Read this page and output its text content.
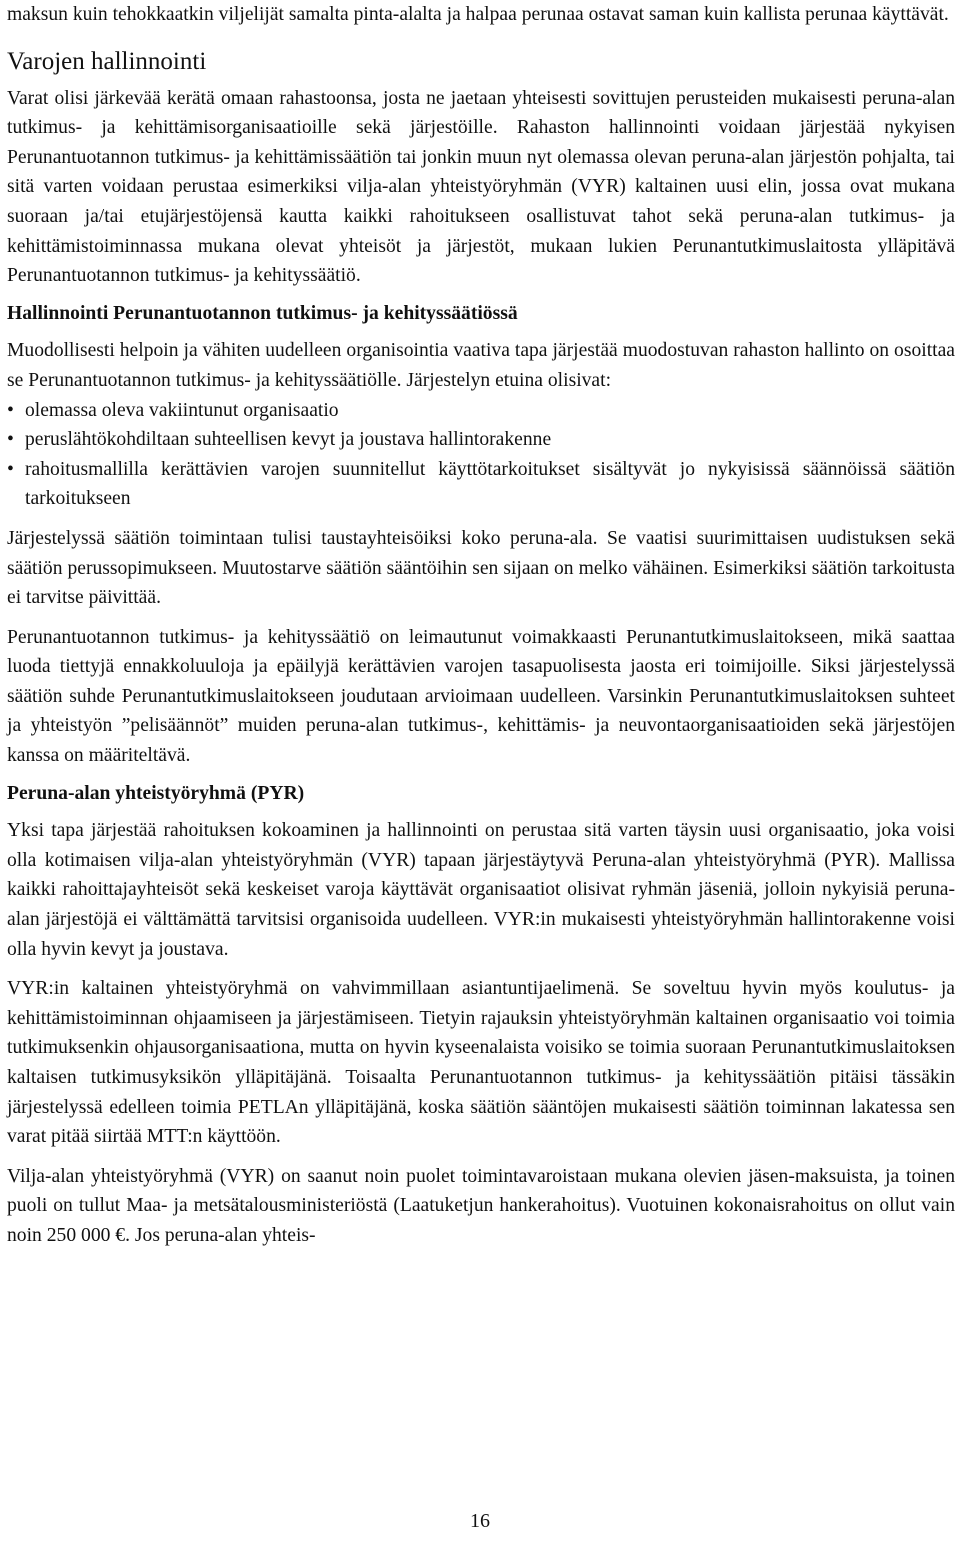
maksun kuin tehokkaatkin viljelijät samalta pinta-alalta ja halpaa perunaa ostavat saman kuin kallista perunaa käyttävät.

Varojen hallinnointi

Varat olisi järkevää kerätä omaan rahastoonsa, josta ne jaetaan yhteisesti sovittujen perusteiden mukaisesti peruna-alan tutkimus- ja kehittämisorganisaatioille sekä järjestöille. Rahaston hallinnointi voidaan järjestää nykyisen Perunantuotannon tutkimus- ja kehittämissäätiön tai jonkin muun nyt olemassa olevan peruna-alan järjestön pohjalta, tai sitä varten voidaan perustaa esimerkiksi vilja-alan yhteistyöryhmän (VYR) kaltainen uusi elin, jossa ovat mukana suoraan ja/tai etujärjestöjensä kautta kaikki rahoitukseen osallistuvat tahot sekä peruna-alan tutkimus- ja kehittämistoiminnassa mukana olevat yhteisöt ja järjestöt, mukaan lukien Perunantutkimuslaitosta ylläpitävä Perunantuotannon tutkimus- ja kehityssäätiö.

Hallinnointi Perunantuotannon tutkimus- ja kehityssäätiössä

Muodollisesti helpoin ja vähiten uudelleen organisointia vaativa tapa järjestää muodostuvan rahaston hallinto on osoittaa se Perunantuotannon tutkimus- ja kehityssäätiölle. Järjestelyn etuina olisivat:

• olemassa oleva vakiintunut organisaatio
• peruslähtökohdiltaan suhteellisen kevyt ja joustava hallintorakenne
• rahoitusmallilla kerättävien varojen suunnitellut käyttötarkoitukset sisältyvät jo nykyisissä säännöissä säätiön tarkoitukseen

Järjestelyssä säätiön toimintaan tulisi taustayhteisöiksi koko peruna-ala. Se vaatisi suurimittaisen uudistuksen sekä säätiön perussopimukseen. Muutostarve säätiön sääntöihin sen sijaan on melko vähäinen. Esimerkiksi säätiön tarkoitusta ei tarvitse päivittää.

Perunantuotannon tutkimus- ja kehityssäätiö on leimautunut voimakkaasti Perunantutkimuslaitokseen, mikä saattaa luoda tiettyjä ennakkoluuloja ja epäilyjä kerättävien varojen tasapuolisesta jaosta eri toimijoille. Siksi järjestelyssä säätiön suhde Perunantutkimuslaitokseen joudutaan arvioimaan uudelleen. Varsinkin Perunantutkimuslaitoksen suhteet ja yhteistyön ”pelisäännöt” muiden peruna-alan tutkimus-, kehittämis- ja neuvontaorganisaatioiden sekä järjestöjen kanssa on määriteltävä.

Peruna-alan yhteistyöryhmä (PYR)

Yksi tapa järjestää rahoituksen kokoaminen ja hallinnointi on perustaa sitä varten täysin uusi organisaatio, joka voisi olla kotimaisen vilja-alan yhteistyöryhmän (VYR) tapaan järjestäytyvä Peruna-alan yhteistyöryhmä (PYR). Mallissa kaikki rahoittajayhteisöt sekä keskeiset varoja käyttävät organisaatiot olisivat ryhmän jäseniä, jolloin nykyisiä peruna-alan järjestöjä ei välttämättä tarvitsisi organisoida uudelleen. VYR:in mukaisesti yhteistyöryhmän hallintorakenne voisi olla hyvin kevyt ja joustava.

VYR:in kaltainen yhteistyöryhmä on vahvimmillaan asiantuntijaelimenä. Se soveltuu hyvin myös koulutus- ja kehittämistoiminnan ohjaamiseen ja järjestämiseen. Tietyin rajauksin yhteistyöryhmän kaltainen organisaatio voi toimia tutkimuksenkin ohjausorganisaationa, mutta on hyvin kyseenalaista voisiko se toimia suoraan Perunantutkimuslaitoksen kaltaisen tutkimusyksikön ylläpitäjänä. Toisaalta Perunantuotannon tutkimus- ja kehityssäätiön pitäisi tässäkin järjestelyssä edelleen toimia PETLAn ylläpitäjänä, koska säätiön sääntöjen mukaisesti säätiön toiminnan lakatessa sen varat pitää siirtää MTT:n käyttöön.

Vilja-alan yhteistyöryhmä (VYR) on saanut noin puolet toimintavaroistaan mukana olevien jäsen-maksuista, ja toinen puoli on tullut Maa- ja metsätalousministeriöstä (Laatuketjun hankerahoitus). Vuotuinen kokonaisrahoitus on ollut vain noin 250 000 €. Jos peruna-alan yhteis-

16
